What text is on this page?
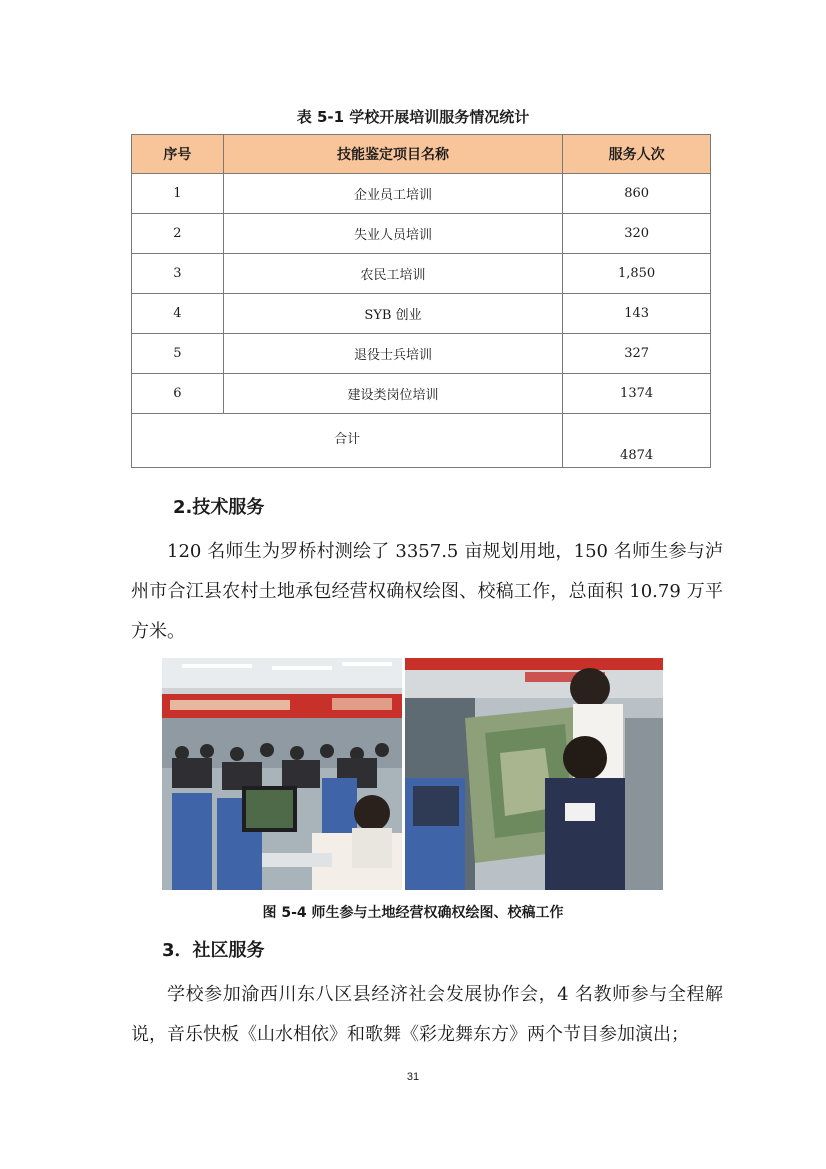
表 5-1 学校开展培训服务情况统计
序号	技能鉴定项目名称	服务人次
1	企业员工培训	860
2	失业人员培训	320
3	农民工培训	1,850
4	SYB 创业	143
5	退役士兵培训	327
6	建设类岗位培训	1374
合计		4874
2.技术服务

120 名师生为罗桥村测绘了 3357.5 亩规划用地，150 名师生参与泸州市合江县农村土地承包经营权确权绘图、校稿工作，总面积 10.79 万平方米。

图 5-4 师生参与土地经营权确权绘图、校稿工作
3．社区服务

学校参加渝西川东八区县经济社会发展协作会，4 名教师参与全程解说，音乐快板《山水相依》和歌舞《彩龙舞东方》两个节目参加演出；

31
